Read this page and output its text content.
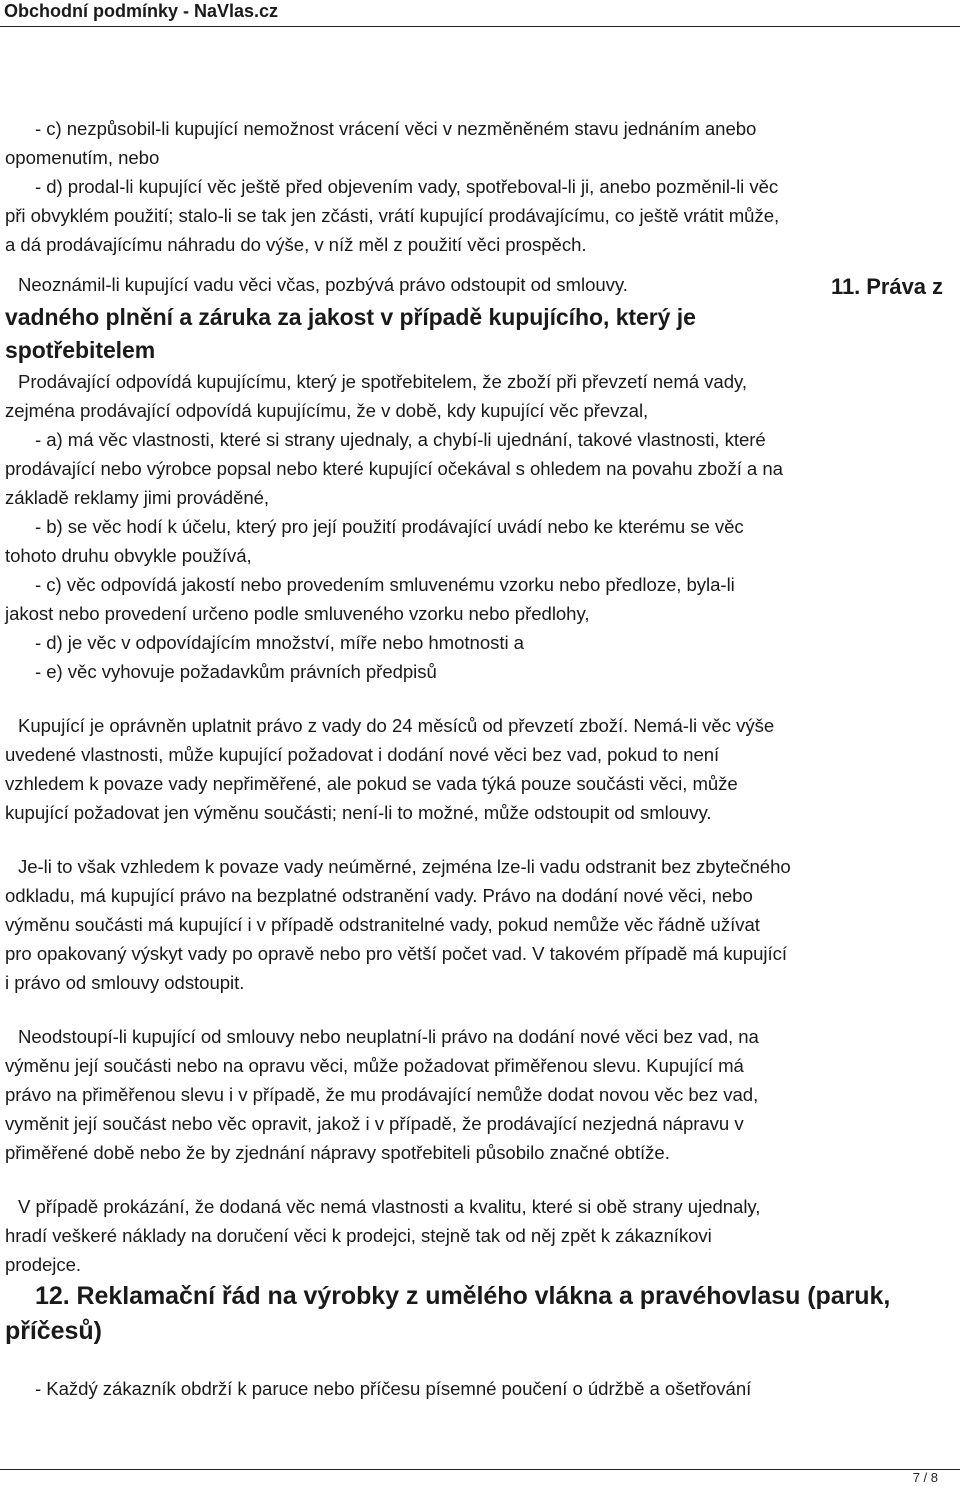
Obchodní podmínky - NaVlas.cz
- c) nezpůsobil-li kupující nemožnost vrácení věci v nezměněném stavu jednáním anebo
opomenutím, nebo
- d) prodal-li kupující věc ještě před objevením vady, spotřeboval-li ji, anebo pozměnil-li věc
při obvyklém použití; stalo-li se tak jen zčásti, vrátí kupující prodávajícímu, co ještě vrátit může,
a dá prodávajícímu náhradu do výše, v níž měl z použití věci prospěch.
11. Práva z
Neoznámil-li kupující vadu věci včas, pozbývá právo odstoupit od smlouvy.
vadného plnění a záruka za jakost v případě kupujícího, který je
spotřebitelem
Prodávající odpovídá kupujícímu, který je spotřebitelem, že zboží při převzetí nemá vady,
zejména prodávající odpovídá kupujícímu, že v době, kdy kupující věc převzal,
- a) má věc vlastnosti, které si strany ujednaly, a chybí-li ujednání, takové vlastnosti, které
prodávající nebo výrobce popsal nebo které kupující očekával s ohledem na povahu zboží a na
základě reklamy jimi prováděné,
- b) se věc hodí k účelu, který pro její použití prodávající uvádí nebo ke kterému se věc
tohoto druhu obvykle používá,
- c) věc odpovídá jakostí nebo provedením smluvenému vzorku nebo předloze, byla-li
jakost nebo provedení určeno podle smluveného vzorku nebo předlohy,
- d) je věc v odpovídajícím množství, míře nebo hmotnosti a
- e) věc vyhovuje požadavkům právních předpisů
Kupující je oprávněn uplatnit právo z vady do 24 měsíců od převzetí zboží. Nemá-li věc výše
uvedené vlastnosti, může kupující požadovat i dodání nové věci bez vad, pokud to není
vzhledem k povaze vady nepřiměřené, ale pokud se vada týká pouze součásti věci, může
kupující požadovat jen výměnu součásti; není-li to možné, může odstoupit od smlouvy.
Je-li to však vzhledem k povaze vady neúměrné, zejména lze-li vadu odstranit bez zbytečného
odkladu, má kupující právo na bezplatné odstranění vady. Právo na dodání nové věci, nebo
výměnu součásti má kupující i v případě odstranitelné vady, pokud nemůže věc řádně užívat
pro opakovaný výskyt vady po opravě nebo pro větší počet vad. V takovém případě má kupující
i právo od smlouvy odstoupit.
Neodstoupí-li kupující od smlouvy nebo neuplatní-li právo na dodání nové věci bez vad, na
výměnu její součásti nebo na opravu věci, může požadovat přiměřenou slevu. Kupující má
právo na přiměřenou slevu i v případě, že mu prodávající nemůže dodat novou věc bez vad,
vyměnit její součást nebo věc opravit, jakož i v případě, že prodávající nezjedná nápravu v
přiměřené době nebo že by zjednání nápravy spotřebiteli působilo značné obtíže.
V případě prokázání, že dodaná věc nemá vlastnosti a kvalitu, které si obě strany ujednaly,
hradí veškeré náklady na doručení věci k prodejci, stejně tak od něj zpět k zákazníkovi
prodejce.
12. Reklamační řád na výrobky z umělého vlákna a pravéhovlasu (paruk,
příčesů)
- Každý zákazník obdrží k paruce nebo příčesu písemné poučení o údržbě a ošetřování
7 / 8
